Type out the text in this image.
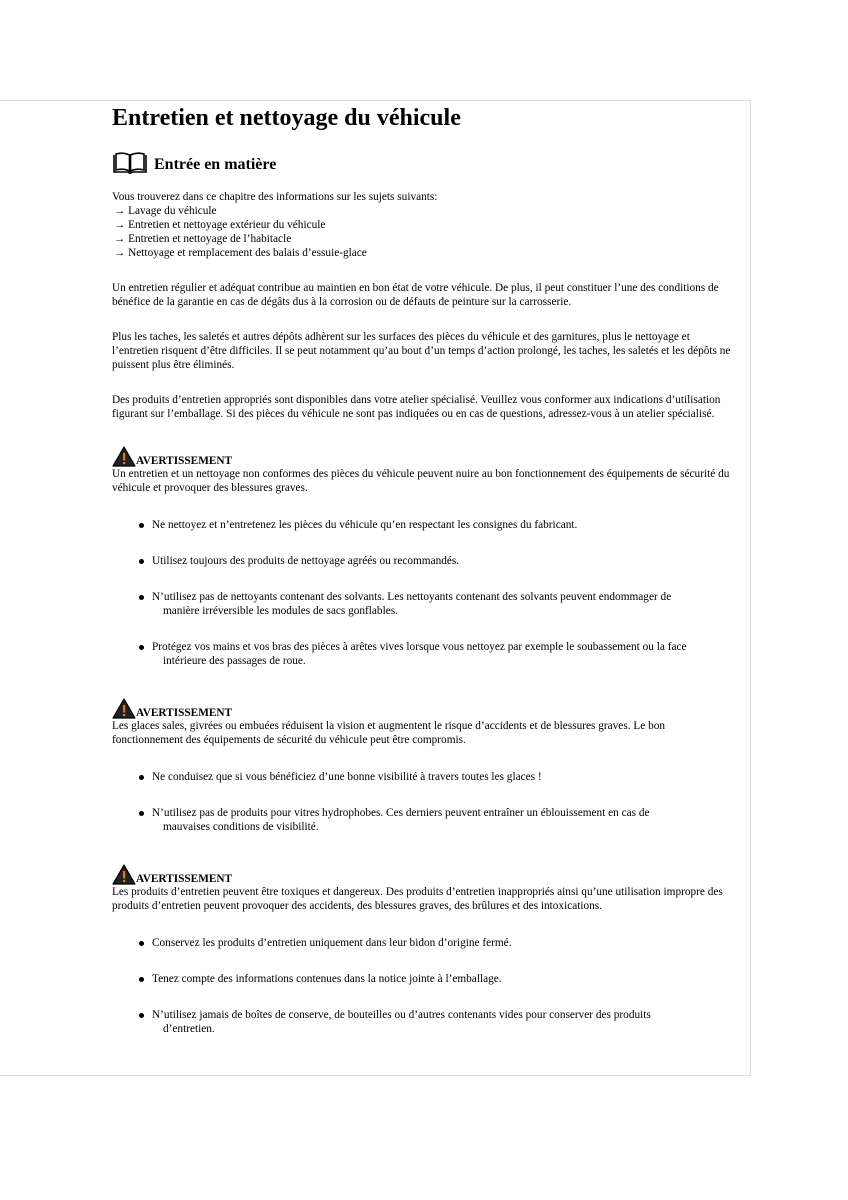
Entretien et nettoyage du véhicule
Entrée en matière

Vous trouverez dans ce chapitre des informations sur les sujets suivants:

→ Lavage du véhicule
→ Entretien et nettoyage extérieur du véhicule
→ Entretien et nettoyage de l’habitacle
→ Nettoyage et remplacement des balais d’essuie-glace

Un entretien régulier et adéquat contribue au maintien en bon état de votre véhicule. De plus, il peut constituer l’une des conditions de bénéfice de la garantie en cas de dégâts dus à la corrosion ou de défauts de peinture sur la carrosserie.

Plus les taches, les saletés et autres dépôts adhèrent sur les surfaces des pièces du véhicule et des garnitures, plus le nettoyage et l’entretien risquent d’être difficiles. Il se peut notamment qu’au bout d’un temps d’action prolongé, les taches, les saletés et les dépôts ne puissent plus être éliminés.

Des produits d’entretien appropriés sont disponibles dans votre atelier spécialisé. Veuillez vous conformer aux indications d’utilisation figurant sur l’emballage. Si des pièces du véhicule ne sont pas indiquées ou en cas de questions, adressez-vous à un atelier spécialisé.

AVERTISSEMENT

Un entretien et un nettoyage non conformes des pièces du véhicule peuvent nuire au bon fonctionnement des équipements de sécurité du véhicule et provoquer des blessures graves.

Ne nettoyez et n’entretenez les pièces du véhicule qu’en respectant les consignes du fabricant.
Utilisez toujours des produits de nettoyage agréés ou recommandés.
N’utilisez pas de nettoyants contenant des solvants. Les nettoyants contenant des solvants peuvent endommager de
manière irréversible les modules de sacs gonflables.
Protégez vos mains et vos bras des pièces à arêtes vives lorsque vous nettoyez par exemple le soubassement ou la face
intérieure des passages de roue.
AVERTISSEMENT

Les glaces sales, givrées ou embuées réduisent la vision et augmentent le risque d’accidents et de blessures graves. Le bon fonctionnement des équipements de sécurité du véhicule peut être compromis.

Ne conduisez que si vous bénéficiez d’une bonne visibilité à travers toutes les glaces !
N’utilisez pas de produits pour vitres hydrophobes. Ces derniers peuvent entraîner un éblouissement en cas de
mauvaises conditions de visibilité.
AVERTISSEMENT

Les produits d’entretien peuvent être toxiques et dangereux. Des produits d’entretien inappropriés ainsi qu’une utilisation impropre des produits d’entretien peuvent provoquer des accidents, des blessures graves, des brûlures et des intoxications.

Conservez les produits d’entretien uniquement dans leur bidon d’origine fermé.
Tenez compte des informations contenues dans la notice jointe à l’emballage.
N’utilisez jamais de boîtes de conserve, de bouteilles ou d’autres contenants vides pour conserver des produits
d’entretien.
